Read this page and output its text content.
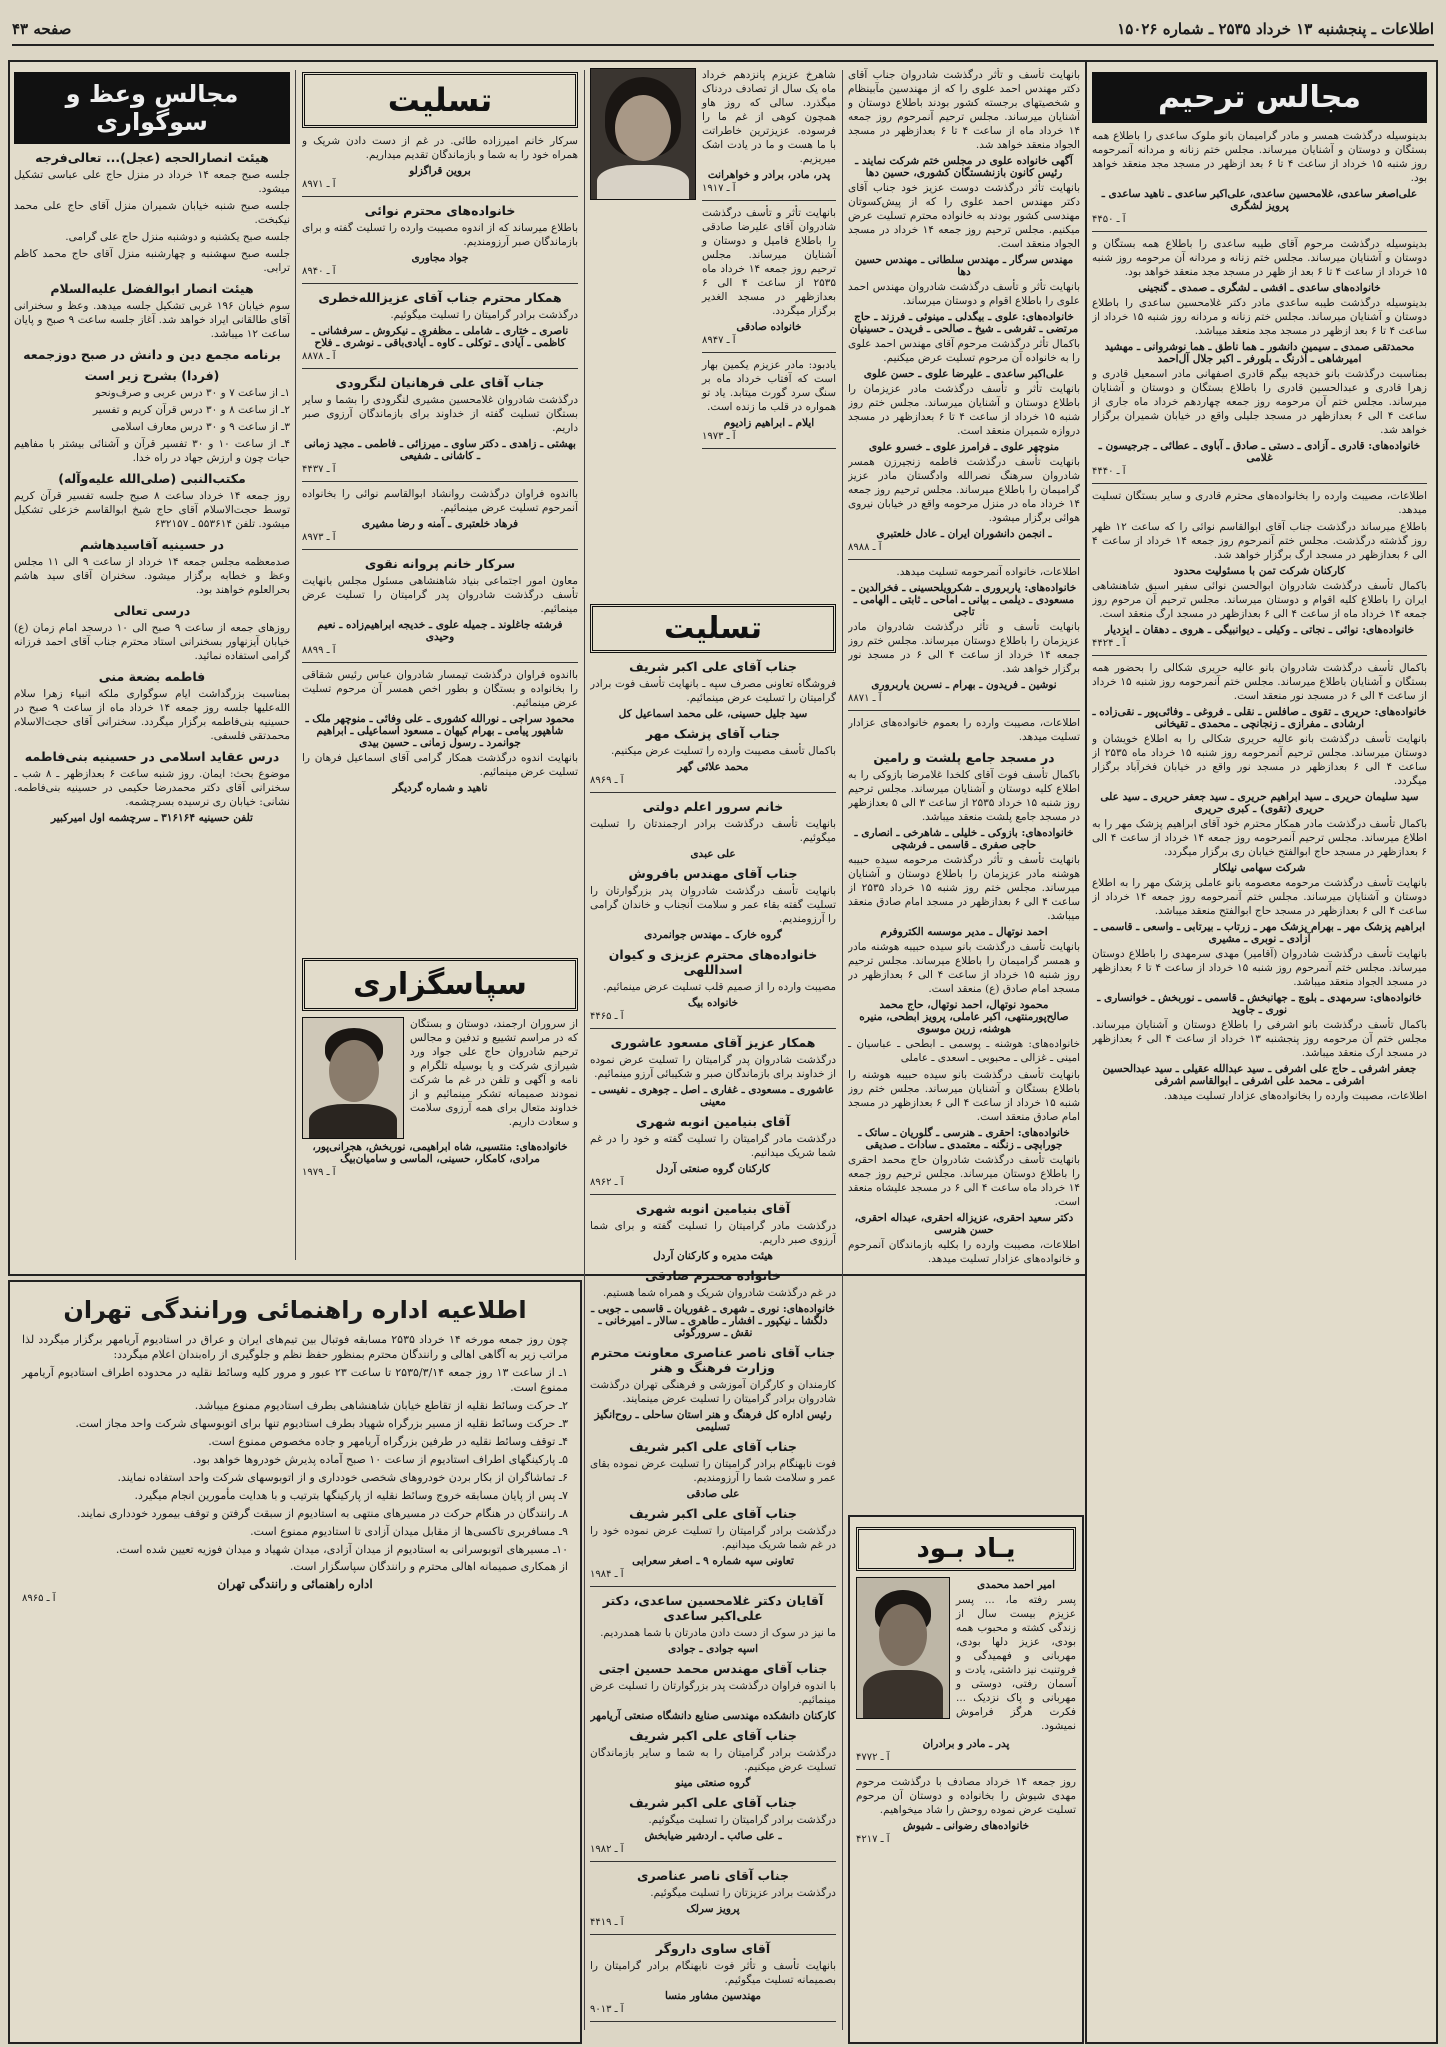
اطلاعات ـ پنجشنبه ۱۳ خرداد ۲۵۳۵ ـ شماره ۱۵۰۲۶
صفحه ۴۳
مجالس ترحیم

بدینوسیله درگذشت همسر و مادر گرامیمان بانو ملوک ساعدی را باطلاع همه بستگان و دوستان و آشنایان میرساند. مجلس ختم زنانه و مردانه آنمرحومه روز شنبه ۱۵ خرداد از ساعت ۴ تا ۶ بعد ازظهر در مسجد مجد منعقد خواهد بود.

علی‌اصغر ساعدی، غلامحسین ساعدی، علی‌اکبر ساعدی ـ ناهید ساعدی ـ پرویز لشگری

آ ـ ۴۴۵۰

بدینوسیله درگذشت مرحوم آقای طیبه ساعدی را باطلاع همه بستگان و دوستان و آشنایان میرساند. مجلس ختم زنانه و مردانه آن مرحومه روز شنبه ۱۵ خرداد از ساعت ۴ تا ۶ بعد از ظهر در مسجد مجد منعقد خواهد بود.

خانواده‌های ساعدی ـ افشی ـ لشگری ـ صمدی ـ گنجینی

بدینوسیله درگذشت طیبه ساعدی مادر دکتر غلامحسین ساعدی را باطلاع دوستان و آشنایان میرساند. مجلس ختم زنانه و مردانه روز شنبه ۱۵ خرداد از ساعت ۴ تا ۶ بعد ازظهر در مسجد مجد منعقد میباشد.

محمدتقی صمدی ـ سیمین دانشور ـ هما ناطق ـ هما نوشروانی ـ مهشید امیرشاهی ـ آذرنگ ـ بلورفر ـ اکبر جلال آل‌احمد

بمناسبت درگذشت بانو خدیجه بیگم قادری اصفهانی مادر اسمعیل قادری و زهرا قادری و عبدالحسین قادری را باطلاع بستگان و دوستان و آشنایان میرساند. مجلس ختم آن مرحومه روز جمعه چهاردهم خرداد ماه جاری از ساعت ۴ الی ۶ بعدازظهر در مسجد جلیلی واقع در خیابان شمیران برگزار خواهد شد.

خانواده‌های: قادری ـ آزادی ـ دستی ـ صادق ـ آباوی ـ عطائی ـ جرجیسون ـ غلامی

آ ـ ۴۴۴۰

اطلاعات، مصیبت وارده را بخانواده‌های محترم قادری و سایر بستگان تسلیت میدهد.

باطلاع میرساند درگذشت جناب آقای ابوالقاسم نوائی را که ساعت ۱۲ ظهر روز گذشته درگذشت. مجلس ختم آنمرحوم روز جمعه ۱۴ خرداد از ساعت ۴ الی ۶ بعدازظهر در مسجد ارگ برگزار خواهد شد.

کارکنان شرکت تمن با مسئولیت محدود

باکمال تأسف درگذشت شادروان ابوالحسن نوائی سفیر اسبق شاهنشاهی ایران را باطلاع کلیه اقوام و دوستان میرساند. مجلس ترحیم آن مرحوم روز جمعه ۱۴ خرداد ماه از ساعت ۴ الی ۶ بعدازظهر در مسجد ارگ منعقد است.

خانواده‌های: نوائی ـ نجاتی ـ وکیلی ـ دیوانبیگی ـ هروی ـ دهقان ـ ایزدیار

آ ـ ۴۴۲۴

باکمال تأسف درگذشت شادروان بانو عالیه حریری شکالی را بحضور همه بستگان و آشنایان باطلاع میرساند. مجلس ختم آنمرحومه روز شنبه ۱۵ خرداد از ساعت ۴ الی ۶ در مسجد نور منعقد است.

خانواده‌های: حریری ـ تقوی ـ صافلس ـ نقلی ـ فروغی ـ وفائی‌پور ـ نقی‌زاده ـ ارشادی ـ مفرازی ـ زنجانچی ـ محمدی ـ تقیخانی

بانهایت تأسف درگذشت بانو عالیه حریری شکالی را به اطلاع خویشان و دوستان میرساند. مجلس ترحیم آنمرحومه روز شنبه ۱۵ خرداد ماه ۲۵۳۵ از ساعت ۴ الی ۶ بعدازظهر در مسجد نور واقع در خیابان فخرآباد برگزار میگردد.

سید سلیمان حریری ـ سید ابراهیم حریری ـ سید جعفر حریری ـ سید علی حریری (تقوی) ـ کبری حریری

باکمال تأسف درگذشت مادر همکار محترم خود آقای ابراهیم پزشک مهر را به اطلاع میرساند. مجلس ترحیم آنمرحومه روز جمعه ۱۴ خرداد از ساعت ۴ الی ۶ بعدازظهر در مسجد حاج ابوالفتح خیابان ری برگزار میگردد.

شرکت سهامی نیلکار

بانهایت تأسف درگذشت مرحومه معصومه بانو عاملی پزشک مهر را به اطلاع دوستان و آشنایان میرساند. مجلس ختم آنمرحومه روز جمعه ۱۴ خرداد از ساعت ۴ الی ۶ بعدازظهر در مسجد حاج ابوالفتح منعقد میباشد.

ابراهیم پزشک مهر ـ بهرام پزشک مهر ـ زرتاب ـ بیرتابی ـ واسعی ـ قاسمی ـ آزادی ـ نوبری ـ مشیری

بانهایت تأسف درگذشت شادروان (آقامیر) مهدی سرمهدی را باطلاع دوستان میرساند. مجلس ختم آنمرحوم روز شنبه ۱۵ خرداد از ساعت ۴ تا ۶ بعدازظهر در مسجد الجواد منعقد میباشد.

خانواده‌های: سرمهدی ـ بلوچ ـ جهانبخش ـ قاسمی ـ نوربخش ـ خوانساری ـ نوری ـ جاوید

باکمال تأسف درگذشت بانو اشرفی را باطلاع دوستان و آشنایان میرساند. مجلس ختم آن مرحومه روز پنجشنبه ۱۳ خرداد از ساعت ۴ الی ۶ بعدازظهر در مسجد ارک منعقد میباشد.

جعفر اشرفی ـ حاج علی ‌اشرفی ـ سید عبدالله عقیلی ـ سید عبدالحسین اشرفی ـ محمد علی اشرفی ـ ابوالقاسم اشرفی

اطلاعات، مصیبت وارده را بخانواده‌های عزادار تسلیت میدهد.

بانهایت تأسف و تأثر درگذشت شادروان جناب آقای دکتر مهندس احمد علوی را که از مهندسین مآبینظام و شخصیتهای برجسته کشور بودند باطلاع دوستان و آشنایان میرساند. مجلس ترحیم آنمرحوم روز جمعه ۱۴ خرداد ماه از ساعت ۴ تا ۶ بعدازظهر در مسجد الجواد منعقد خواهد شد.

آگهی خانواده علوی در مجلس ختم شرکت نمایند ـ رئیس کانون بازنشستگان کشوری، حسین دها

بانهایت تأثر درگذشت دوست عزیز خود جناب آقای دکتر مهندس احمد علوی را که از پیش‌کسوتان مهندسی کشور بودند به خانواده محترم تسلیت عرض میکنیم. مجلس ترحیم روز جمعه ۱۴ خرداد در مسجد الجواد منعقد است.

مهندس سرگار ـ مهندس سلطانی ـ مهندس حسین دها

بانهایت تأثر و تأسف درگذشت شادروان مهندس احمد علوی را باطلاع اقوام و دوستان میرساند.

خانواده‌های: علوی ـ بیگدلی ـ مینوئی ـ فرزند ـ حاج مرتضی ـ تفرشی ـ شیخ ـ صالحی ـ فریدن ـ حسینیان

باکمال تأثر درگذشت مرحوم آقای مهندس احمد علوی را به خانواده آن مرحوم تسلیت عرض میکنیم.

علی‌اکبر ساعدی ـ علیرضا علوی ـ حسن علوی

بانهایت تأثر و تأسف درگذشت مادر عزیزمان را باطلاع دوستان و آشنایان میرساند. مجلس ختم روز شنبه ۱۵ خرداد از ساعت ۴ تا ۶ بعدازظهر در مسجد دروازه شمیران منعقد است.

منوچهر علوی ـ فرامرز علوی ـ خسرو علوی

بانهایت تأسف درگذشت فاطمه زنجیرزن همسر شادروان سرهنگ نصرالله وادگستان مادر عزیز گرامیمان را باطلاع میرساند. مجلس ترحیم روز جمعه ۱۴ خرداد ماه در منزل مرحومه واقع در خیابان نیروی هوائی برگزار میشود.

ـ انجمن دانشوران ایران ـ عادل خلعتبری

آ ـ ۸۹۸۸

اطلاعات، خانواده آنمرحومه تسلیت میدهد.

خانواده‌های: یاربروری ـ شکرویلحسینی ـ فخرالدین ـ مسعودی ـ دیلمی ـ بیانی ـ اماحی ـ ثابتی ـ الهامی ـ تاجی

بانهایت تأسف و تأثر درگذشت شادروان مادر عزیزمان را باطلاع دوستان میرساند. مجلس ختم روز جمعه ۱۴ خرداد از ساعت ۴ الی ۶ در مسجد نور برگزار خواهد شد.

نوشین ـ فریدون ـ بهرام ـ نسرین یاربروری

آ ـ ۸۸۷۱

اطلاعات، مصیبت وارده را بعموم خانواده‌های عزادار تسلیت میدهد.

در مسجد جامع پلشت و رامین

باکمال تأسف فوت آقای کلخدا غلامرضا بازوکی را به اطلاع کلیه دوستان و آشنایان میرساند. مجلس ترحیم روز شنبه ۱۵ خرداد ۲۵۳۵ از ساعت ۳ الی ۵ بعدازظهر در مسجد جامع پلشت منعقد میباشد.

خانواده‌های: بازوکی ـ خلیلی ـ شاهرخی ـ انصاری ـ حاجی صفری ـ قاسمی ـ فرشچی

بانهایت تأسف و تأثر درگذشت مرحومه سیده حبیبه هوشنه مادر عزیزمان را باطلاع دوستان و آشنایان میرساند. مجلس ختم روز شنبه ۱۵ خرداد ۲۵۳۵ از ساعت ۴ الی ۶ بعدازظهر در مسجد امام صادق منعقد میباشد.

احمد نوتهال ـ مدیر موسسه الکتروفرم

بانهایت تأسف درگذشت بانو سیده حبیبه هوشنه مادر و همسر گرامیمان را باطلاع میرساند. مجلس ترحیم روز شنبه ۱۵ خرداد از ساعت ۴ الی ۶ بعدازظهر در مسجد امام صادق (ع) منعقد است.

محمود نوتهال، احمد نوتهال، حاج محمد صالح‌پورمنتهی، اکبر عاملی، پرویز ابطحی، منیره هوشنه، زرین موسوی

خانواده‌های: هوشنه ـ پوسمی ـ ابطحی ـ عباسیان ـ امینی ـ غزالی ـ محبوبی ـ اسعدی ـ عاملی

بانهایت تأسف درگذشت بانو سیده حبیبه هوشنه را باطلاع بستگان و آشنایان میرساند. مجلس ختم روز شنبه ۱۵ خرداد از ساعت ۴ الی ۶ بعدازظهر در مسجد امام صادق منعقد است.

خانواده‌های: احقری ـ هنرسی ـ گلوریان ـ ساتک ـ جورابچی ـ زنگنه ـ معتمدی ـ سادات ـ صدیقی

بانهایت تأسف درگذشت شادروان حاج محمد احقری را باطلاع دوستان میرساند. مجلس ترحیم روز جمعه ۱۴ خرداد ماه ساعت ۴ الی ۶ در مسجد علیشاه منعقد است.

دکتر سعید احقری، عزیزاله احقری، عبداله احقری، حسن هنرسی

اطلاعات، مصیبت وارده را بکلیه بازماندگان آنمرحوم و خانواده‌های عزادار تسلیت میدهد.

شاهرخ عزیزم پانزدهم خرداد ماه یک سال از تصادف دردناک میگذرد. سالی که روز هاو همچون کوهی از غم ما را فرسوده. عزیزترین خاطراتت با ما هست و ما در یادت اشک میریزیم.

پدر، مادر، برادر و خواهرانت

آ ـ ۱۹۱۷

بانهایت تأثر و تأسف درگذشت شادروان آقای علیرضا صادقی را باطلاع فامیل و دوستان و آشنایان میرساند. مجلس ترحیم روز جمعه ۱۴ خرداد ماه ۲۵۳۵ از ساعت ۴ الی ۶ بعدازظهر در مسجد الغدیر برگزار میگردد.

خانواده صادقی

آ ـ ۸۹۴۷

یادبود: مادر عزیزم یکمین بهار است که آفتاب خرداد ماه بر سنگ سرد گورت میتابد. یاد تو همواره در قلب ما زنده است.

ایلام ـ ابراهیم زادیوم

آ ـ ۱۹۷۳

تسلیت
جناب آقای علی اکبر شریف

فروشگاه تعاونی مصرف سپه ـ بانهایت تأسف فوت برادر گرامیتان را تسلیت عرض مینمائیم.

سید جلیل حسینی، علی محمد اسماعیل کل

جناب آقای پزشک مهر

باکمال تأسف مصیبت وارده را تسلیت عرض میکنیم.

محمد علائی گهر

آ ـ ۸۹۶۹

خانم سرور اعلم دولتی

بانهایت تأسف درگذشت برادر ارجمندتان را تسلیت میگوئیم.

علی عبدی

جناب آقای مهندس بافروش

بانهایت تأسف درگذشت شادروان پدر بزرگوارتان را تسلیت گفته بقاء عمر و سلامت آنجناب و خاندان گرامی را آرزومندیم.

گروه خارک ـ مهندس جوانمردی

خانواده‌های محترم عزیزی و کیوان اسداللهی

مصیبت وارده را از صمیم قلب تسلیت عرض مینمائیم.

خانواده بیگ

آ ـ ۴۴۶۵

همکار عزیز آقای مسعود عاشوری

درگذشت شادروان پدر گرامیتان را تسلیت عرض نموده از خداوند برای بازماندگان صبر و شکیبائی آرزو مینمائیم.

عاشوری ـ مسعودی ـ غفاری ـ اصل ـ جوهری ـ نفیسی ـ معینی

آقای بنیامین انوبه شهری

درگذشت مادر گرامیتان را تسلیت گفته و خود را در غم شما شریک میدانیم.

کارکنان گروه صنعتی آردل

آ ـ ۸۹۶۲

آقای بنیامین انوبه شهری

درگذشت مادر گرامیتان را تسلیت گفته و برای شما آرزوی صبر داریم.

هیئت مدیره و کارکنان آردل

خانواده محترم صادقی

در غم درگذشت شادروان شریک و همراه شما هستیم.

خانواده‌های: نوری ـ شهری ـ غفوریان ـ قاسمی ـ جوبی ـ دلگشا ـ نیکپور ـ افشار ـ طاهری ـ سالار ـ امیرخانی ـ نقش ـ سرورگوئی

جناب آقای ناصر عناصری معاونت محترم وزارت فرهنگ و هنر

کارمندان و کارگران آموزشی و فرهنگی تهران درگذشت شادروان برادر گرامیتان را تسلیت عرض مینمایند.

رئیس اداره کل فرهنگ و هنر استان ساحلی ـ روح‌انگیز تسلیمی

جناب آقای علی اکبر شریف

فوت نابهنگام برادر گرامیتان را تسلیت عرض نموده بقای عمر و سلامت شما را آرزومندیم.

علی صادقی

جناب آقای علی اکبر شریف

درگذشت برادر گرامیتان را تسلیت عرض نموده خود را در غم شما شریک میدانیم.

تعاونی سپه شماره ۹ ـ اصغر سعرابی

آ ـ ۱۹۸۴

آقایان دکتر غلامحسین ساعدی، دکتر علی‌اکبر ساعدی

ما نیز در سوک از دست دادن مادرتان با شما همدردیم.

اسپه جوادی ـ جوادی

جناب آقای مهندس محمد حسین اجتی

با اندوه فراوان درگذشت پدر بزرگوارتان را تسلیت عرض مینمائیم.

کارکنان دانشکده مهندسی صنایع دانشگاه صنعتی آریامهر

جناب آقای علی اکبر شریف

درگذشت برادر گرامیتان را به شما و سایر بازماندگان تسلیت عرض میکنیم.

گروه صنعتی مینو

جناب آقای علی اکبر شریف

درگذشت برادر گرامیتان را تسلیت میگوئیم.

ـ علی صائب ـ اردشیر ضیابخش

آ ـ ۱۹۸۲

جناب آقای ناصر عناصری

درگذشت برادر عزیزتان را تسلیت میگوئیم.

پرویز سرلک

آ ـ ۴۴۱۹

آقای ساوی داروگر

بانهایت تأسف و تأثر فوت نابهنگام برادر گرامیتان را بصمیمانه تسلیت میگوئیم.

مهندسین مشاور منسا

آ ـ ۹۰۱۳

تسلیت

سرکار خانم امیرزاده طائی. در غم از دست دادن شریک و همراه خود را به شما و بازماندگان تقدیم میداریم.

بروین قراگزلو

آ ـ ۸۹۷۱

خانواده‌های محترم نوائی

باطلاع میرساند که از اندوه مصیبت وارده را تسلیت گفته و برای بازماندگان صبر آرزومندیم.

جواد مجاوری

آ ـ ۸۹۴۰

همکار محترم جناب آقای عزیزالله‌خطری

درگذشت برادر گرامیتان را تسلیت میگوئیم.

ناصری ـ ختاری ـ شاملی ـ مظفری ـ نیکروش ـ سرفشانی ـ کاظمی ـ آیادی ـ توکلی ـ کاوه ـ آیادی‌باقی ـ نوشری ـ فلاح

آ ـ ۸۸۷۸

جناب آقای علی فرهانیان لنگرودی

درگذشت شادروان غلامحسین مشیری لنگرودی را بشما و سایر بستگان تسلیت گفته از خداوند برای بازماندگان آرزوی صبر داریم.

بهشتی ـ زاهدی ـ دکتر ساوی ـ میرزائی ـ فاطمی ـ مجید زمانی ـ کاشانی ـ شفیعی

آ ـ ۴۴۳۷

بااندوه فراوان درگذشت روانشاد ابوالقاسم نوائی را بخانواده آنمرحوم تسلیت عرض مینمائیم.

فرهاد خلعتبری ـ آمنه و رضا مشیری

آ ـ ۸۹۷۳

سرکار خانم پروانه نقوی

معاون امور اجتماعی بنیاد شاهنشاهی مسئول مجلس بانهایت تأسف درگذشت شادروان پدر گرامیتان را تسلیت عرض مینمائیم.

فرشته جاغلوند ـ جمیله علوی ـ خدیجه ابراهیم‌زاده ـ نعیم وحیدی

آ ـ ۸۸۹۹

بااندوه فراوان درگذشت تیمسار شادروان عباس رئیس شقاقی را بخانواده و بستگان و بطور اخص همسر آن مرحوم تسلیت عرض مینمائیم.

محمود سراجی ـ نورالله کشوری ـ علی وفائی ـ منوچهر ملک ـ شاهپور پیامی ـ بهرام کیهان ـ مسعود اسماعیلی ـ ابراهیم جوانمرد ـ رسول زمانی ـ حسین بیدی

بانهایت اندوه درگذشت همکار گرامی آقای اسماعیل فرهان را تسلیت عرض مینمائیم.

ناهید و شماره گردیگر

سپاسگزاری

از سروران ارجمند، دوستان و بستگان که در مراسم تشییع و تدفین و مجالس ترحیم شادروان حاج علی جواد ورد شیرازی شرکت و یا بوسیله تلگرام و نامه و آگهی و تلفن در غم ما شرکت نمودند صمیمانه تشکر مینمائیم و از خداوند متعال برای همه آرزوی سلامت و سعادت داریم.

خانواده‌های: منتسبی، شاه ابراهیمی، نوربخش، هجرانی‌پور، مرادی، کامکار، حسینی، الماسی و سامیان‌بیگ

آ ـ ۱۹۷۹

مجالس وعظ و سوگواری
هیئت انصارالحجه (عجل)... تعالی‌فرجه

جلسه صبح جمعه ۱۴ خرداد در منزل حاج علی عباسی تشکیل میشود.

جلسه صبح شنبه خیابان شمیران منزل آقای حاج علی محمد نیکبخت.

جلسه صبح یکشنبه و دوشنبه منزل حاج علی گرامی.

جلسه صبح سهشنبه و چهارشنبه منزل آقای حاج محمد کاظم ترابی.

هیئت انصار ابوالفضل علیه‌السلام

سوم خیابان ۱۹۶ غربی تشکیل جلسه میدهد. وعظ و سخنرانی آقای طالقانی ایراد خواهد شد. آغاز جلسه ساعت ۹ صبح و پایان ساعت ۱۲ میباشد.

برنامه مجمع دین و دانش در صبح دوزجمعه
(فردا) بشرح زیر است

۱ـ از ساعت ۷ و ۳۰ درس عربی و صرف‌ونحو

۲ـ از ساعت ۸ و ۳۰ درس قرآن کریم و تفسیر

۳ـ از ساعت ۹ و ۳۰ درس معارف اسلامی

۴ـ از ساعت ۱۰ و ۳۰ تفسیر قرآن و آشنائی بیشتر با مفاهیم حیات چون و ارزش جهاد در راه خدا.

مکتب‌النبی (صلی‌الله علیه‌وآله)

روز جمعه ۱۴ خرداد ساعت ۸ صبح جلسه تفسیر قرآن کریم توسط حجت‌الاسلام آقای حاج شیخ ابوالقاسم خزعلی تشکیل میشود. تلفن ۵۵۳۶۱۴ ـ ۶۳۲۱۵۷

در حسینیه آقاسیدهاشم

صدمعظمه مجلس جمعه ۱۴ خرداد از ساعت ۹ الی ۱۱ مجلس وعظ و خطابه برگزار میشود. سخنران آقای سید هاشم بحرالعلوم خواهند بود.

درسی تعالی

روزهای جمعه از ساعت ۹ صبح الی ۱۰ درسجد امام زمان (ع) خیابان آیزنهاور بسخنرانی استاد محترم جناب آقای احمد فرزانه گرامی استفاده نمائید.

فاطمه بضعة منی

بمناسبت بزرگداشت ایام سوگواری ملکه انبیاء زهرا سلام الله‌علیها جلسه روز جمعه ۱۴ خرداد ماه از ساعت ۹ صبح در حسینیه بنی‌فاطمه برگزار میگردد. سخنرانی آقای حجت‌الاسلام محمدتقی فلسفی.

درس عقاید اسلامی در حسینیه بنی‌فاطمه

موضوع بحث: ایمان. روز شنبه ساعت ۶ بعدازظهر ـ ۸ شب ـ سخنرانی آقای دکتر محمدرضا حکیمی در حسینیه بنی‌فاطمه. نشانی: خیابان ری نرسیده بسرچشمه.

تلفن حسینیه ۳۱۶۱۶۴ ـ سرچشمه اول امیرکبیر

اطلاعیه اداره راهنمائی ورانندگی تهران

چون روز جمعه مورخه ۱۴ خرداد ۲۵۳۵ مسابقه فوتبال بین تیم‌های ایران و عراق در استادیوم آریامهر برگزار میگردد لذا مراتب زیر به آگاهی اهالی و رانندگان محترم بمنظور حفظ نظم و جلوگیری از راه‌بندان اعلام میگردد:

۱ـ از ساعت ۱۳ روز جمعه ۲۵۳۵/۳/۱۴ تا ساعت ۲۳ عبور و مرور کلیه وسائط نقلیه در محدوده اطراف استادیوم آریامهر ممنوع است.

۲ـ حرکت وسائط نقلیه از تقاطع خیابان شاهنشاهی بطرف استادیوم ممنوع میباشد.

۳ـ حرکت وسائط نقلیه از مسیر بزرگراه شهیاد بطرف استادیوم تنها برای اتوبوسهای شرکت واحد مجاز است.

۴ـ توقف وسائط نقلیه در طرفین بزرگراه آریامهر و جاده مخصوص ممنوع است.

۵ـ پارکینگهای اطراف استادیوم از ساعت ۱۰ صبح آماده پذیرش خودروها خواهد بود.

۶ـ تماشاگران از بکار بردن خودروهای شخصی خودداری و از اتوبوسهای شرکت واحد استفاده نمایند.

۷ـ پس از پایان مسابقه خروج وسائط نقلیه از پارکینگها بترتیب و با هدایت مأمورین انجام میگیرد.

۸ـ رانندگان در هنگام حرکت در مسیرهای منتهی به استادیوم از سبقت گرفتن و توقف بیمورد خودداری نمایند.

۹ـ مسافربری تاکسی‌ها از مقابل میدان آزادی تا استادیوم ممنوع است.

۱۰ـ مسیرهای اتوبوسرانی به استادیوم از میدان آزادی، میدان شهیاد و میدان فوزیه تعیین شده است.

از همکاری صمیمانه اهالی محترم و رانندگان سپاسگزار است.

اداره راهنمائی و رانندگی تهران

آ ـ ۸۹۶۵

یـاد بـود

امیر احمد محمدی

پسر رفته ما، ... پسر عزیزم بیست سال از زندگی کشته و محبوب همه بودی، عزیز دلها بودی، مهربانی و فهمیدگی و فروتنیت نیز داشتی، یادت و آسمان رفتی، دوستی و مهربانی و پاک نزدیک ... فکرت هرگز فراموش نمیشود.

پدر ـ مادر و برادران

آ ـ ۴۷۷۲

روز جمعه ۱۴ خرداد مصادف با درگذشت مرحوم مهدی شیوش را بخانواده و دوستان آن مرحوم تسلیت عرض نموده روحش را شاد میخواهیم.

خانواده‌های رضوانی ـ شیوش

آ ـ ۴۲۱۷
